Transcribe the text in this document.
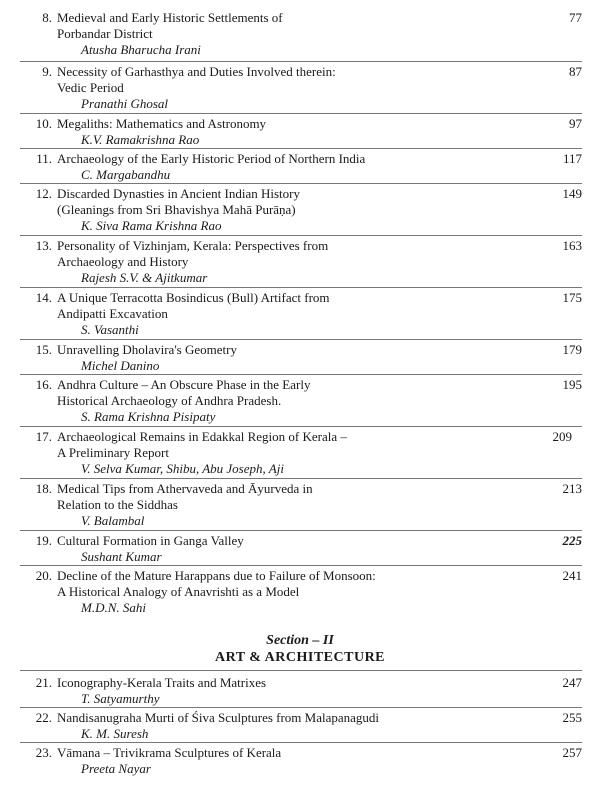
8. Medieval and Early Historic Settlements of
Porbandar District
Atusha Bharucha Irani
77
9. Necessity of Garhasthya and Duties Involved therein:
Vedic Period
Pranathi Ghosal
87
10. Megaliths: Mathematics and Astronomy
K.V. Ramakrishna Rao
97
11. Archaeology of the Early Historic Period of Northern India
C. Margabandhu
117
12. Discarded Dynasties in Ancient Indian History
(Gleanings from Sri Bhavishya Mahā Purāṇa)
K. Siva Rama Krishna Rao
149
13. Personality of Vizhinjam, Kerala: Perspectives from
Archaeology and History
Rajesh S.V. & Ajitkumar
163
14. A Unique Terracotta Bosindicus (Bull) Artifact from
Andipatti Excavation
S. Vasanthi
175
15. Unravelling Dholavira's Geometry
Michel Danino
179
16. Andhra Culture – An Obscure Phase in the Early
Historical Archaeology of Andhra Pradesh.
S. Rama Krishna Pisipaty
195
17. Archaeological Remains in Edakkal Region of Kerala –
A Preliminary Report
V. Selva Kumar, Shibu, Abu Joseph, Aji
209
18. Medical Tips from Athervaveda and Āyurveda in
Relation to the Siddhas
V. Balambal
213
19. Cultural Formation in Ganga Valley
Sushant Kumar
225
20. Decline of the Mature Harappans due to Failure of Monsoon:
A Historical Analogy of Anavrishti as a Model
M.D.N. Sahi
241
Section – II
ART & ARCHITECTURE
21. Iconography-Kerala Traits and Matrixes
T. Satyamurthy
247
22. Nandisanugraha Murti of Śiva Sculptures from Malapanagudi
K. M. Suresh
255
23. Vāmana – Trivikrama Sculptures of Kerala
Preeta Nayar
257
